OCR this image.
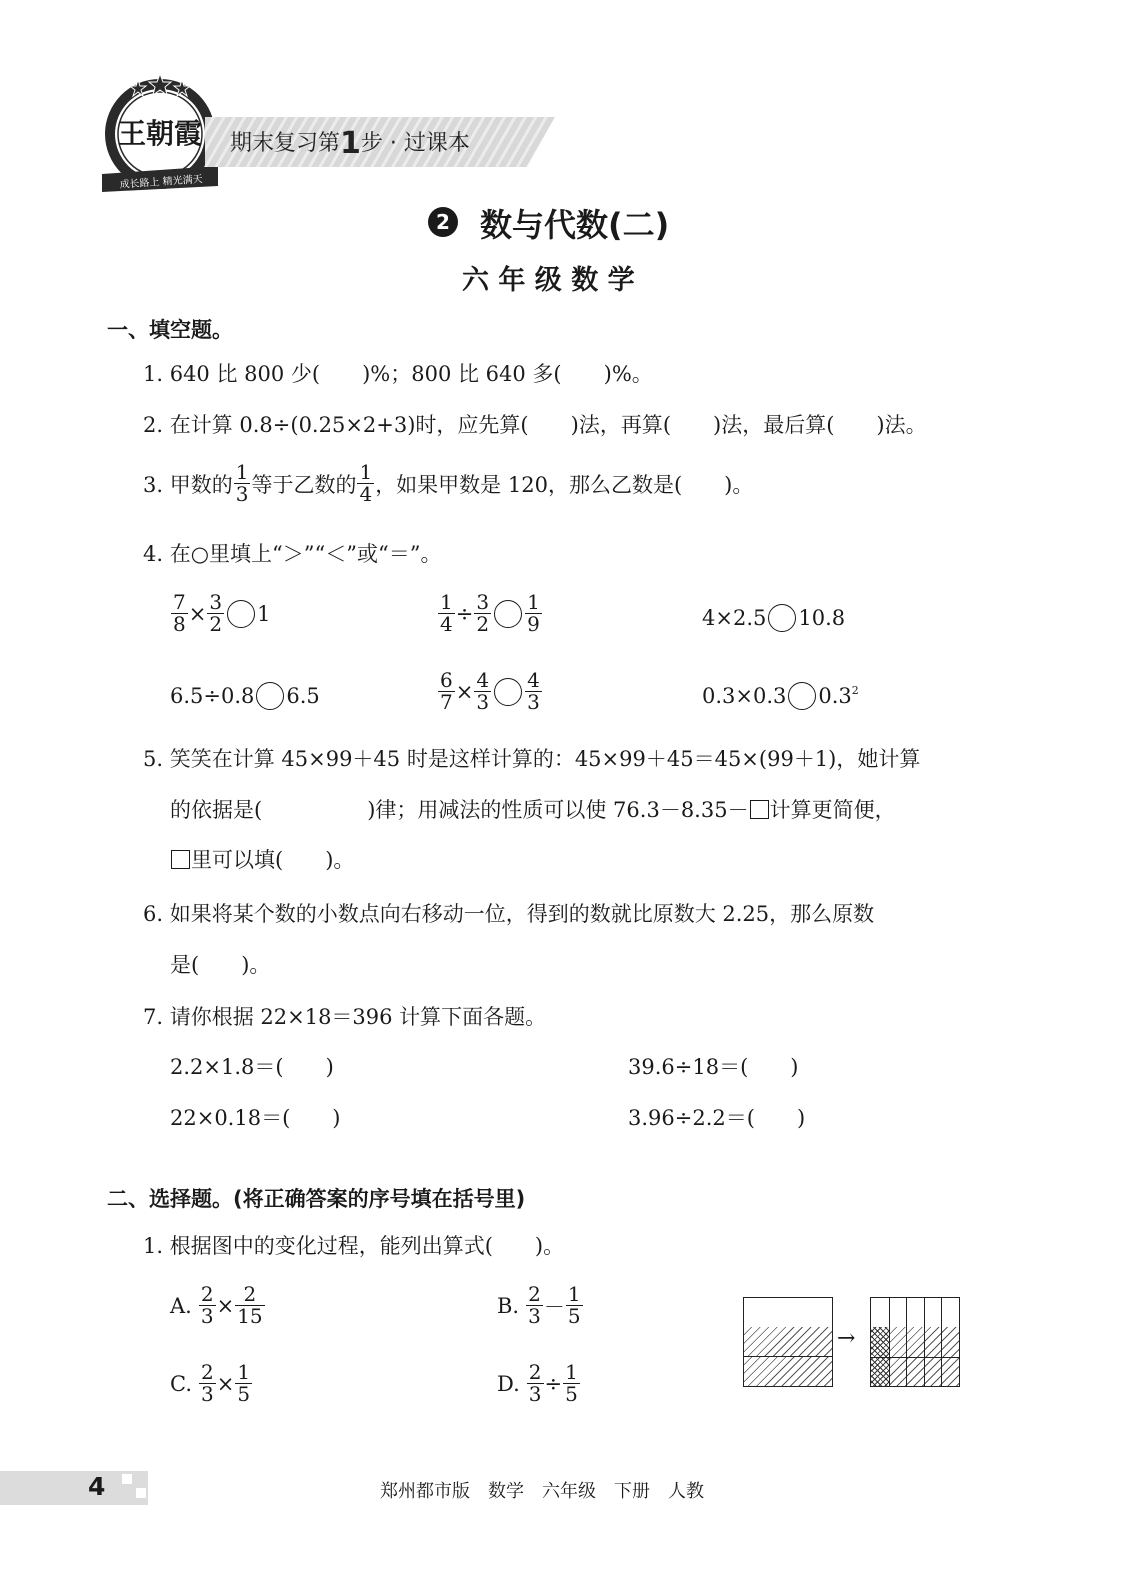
王朝霞
成长路上 精光满天
期末复习第1步 · 过课本
2 数与代数(二)
六 年 级 数 学
一、填空题。
1. 640 比 800 少(　　)%；800 比 640 多(　　)%。
2. 在计算 0.8÷(0.25×2+3)时，应先算(　　)法，再算(　　)法，最后算(　　)法。
3. 甲数的 $\frac{1}{3}$ 等于乙数的 $\frac{1}{4}$ ，如果甲数是 120，那么乙数是(　　)。
4. 在○里填上“＞”“＜”或“＝”。
$\frac{7}{8} \times \frac{3}{2} 1$	$\frac{1}{4} \div \frac{3}{2} \frac{1}{9}$	4×2.5 10.8
6.5÷0.8 6.5	$\frac{6}{7} \times \frac{4}{3} \frac{4}{3}$	0.3×0.3 $0.3^2$
5. 笑笑在计算 45×99＋45 时是这样计算的：45×99＋45＝45×(99＋1)，她计算
的依据是(　　　　　)律；用减法的性质可以使 76.3－8.35－ 计算更简便，
里可以填(　　)。
6. 如果将某个数的小数点向右移动一位，得到的数就比原数大 2.25，那么原数
是(　　)。
7. 请你根据 22×18＝396 计算下面各题。
2.2×1.8＝(　　)	39.6÷18＝(　　)
22×0.18＝(　　)	3.96÷2.2＝(　　)
二、选择题。(将正确答案的序号填在括号里)
1. 根据图中的变化过程，能列出算式(　　)。
A. $\frac{2}{3} \times \frac{2}{15}$	B. $\frac{2}{3} - \frac{1}{5}$
C. $\frac{2}{3} \times \frac{1}{5}$	D. $\frac{2}{3} \div \frac{1}{5}$
→
4	郑州都市版　数学　六年级　下册　人教
